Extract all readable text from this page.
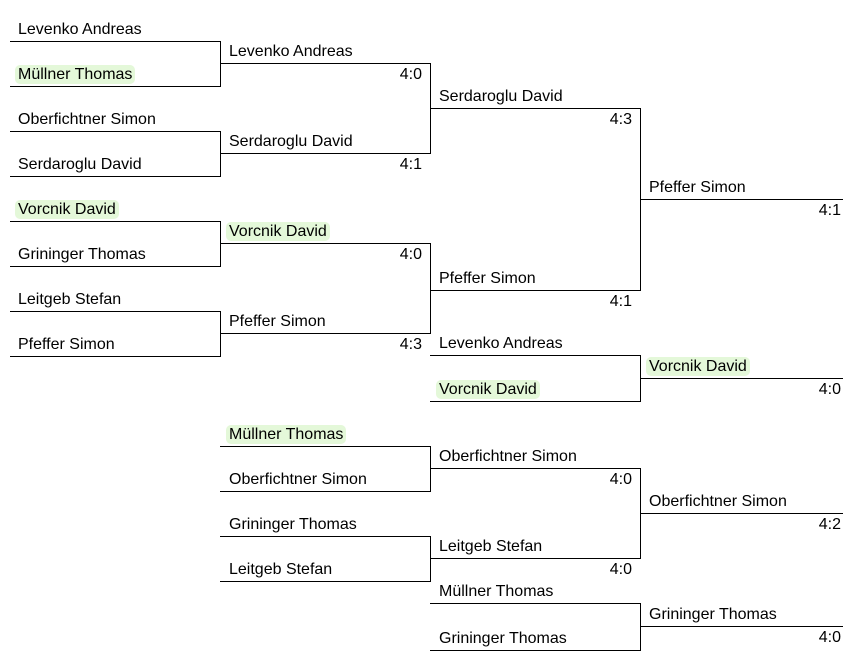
Levenko Andreas
Müllner Thomas
Oberfichtner Simon
Serdaroglu David
Vorcnik David
Grininger Thomas
Leitgeb Stefan
Pfeffer Simon
Levenko Andreas
4:0
Serdaroglu David
4:1
Vorcnik David
4:0
Pfeffer Simon
4:3
Serdaroglu David
4:3
Pfeffer Simon
4:1
Pfeffer Simon
4:1
Levenko Andreas
Vorcnik David
Vorcnik David
4:0
Müllner Thomas
Oberfichtner Simon
Grininger Thomas
Leitgeb Stefan
Oberfichtner Simon
4:0
Leitgeb Stefan
4:0
Oberfichtner Simon
4:2
Müllner Thomas
Grininger Thomas
Grininger Thomas
4:0
